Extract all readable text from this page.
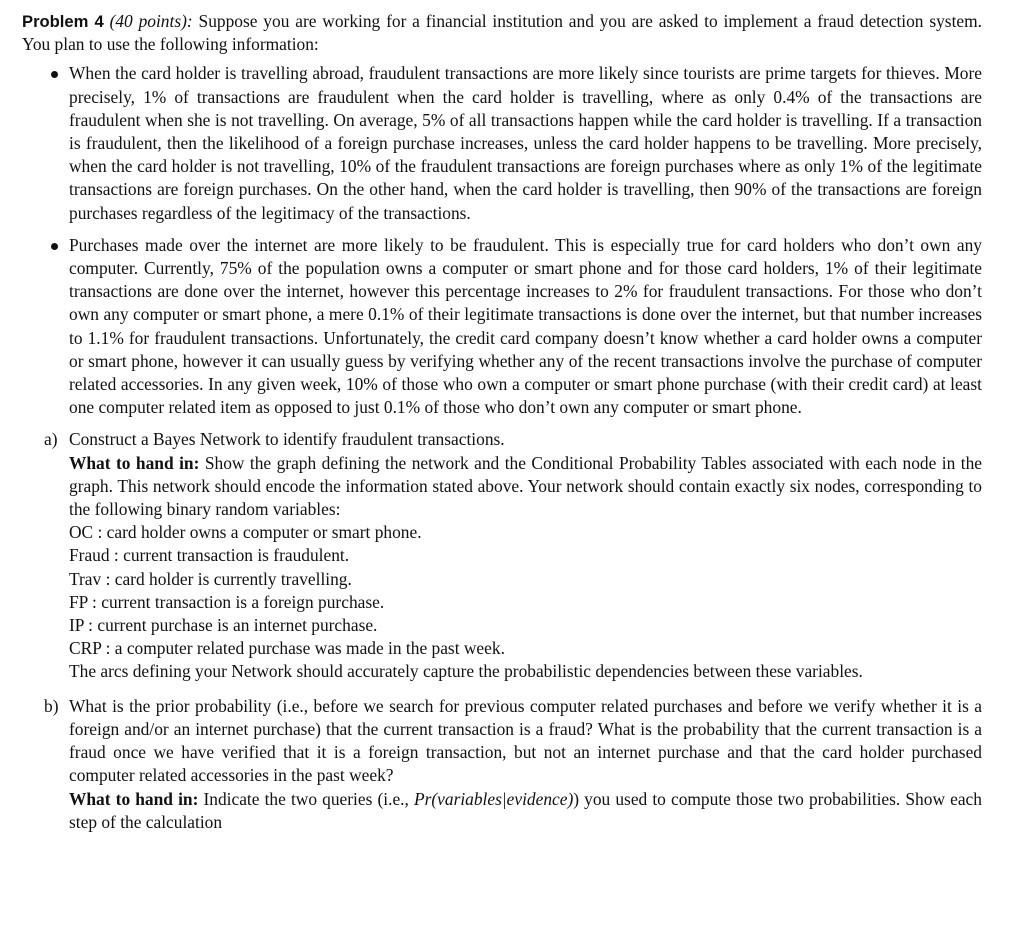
Problem 4 (40 points): Suppose you are working for a financial institution and you are asked to implement a fraud detection system. You plan to use the following information:

When the card holder is travelling abroad, fraudulent transactions are more likely since tourists are prime targets for thieves. More precisely, 1% of transactions are fraudulent when the card holder is travelling, where as only 0.4% of the transactions are fraudulent when she is not travelling. On average, 5% of all transactions happen while the card holder is travelling. If a transaction is fraudulent, then the likelihood of a foreign purchase increases, unless the card holder happens to be travelling. More precisely, when the card holder is not travelling, 10% of the fraudulent transactions are foreign purchases where as only 1% of the legitimate transactions are foreign purchases. On the other hand, when the card holder is travelling, then 90% of the transactions are foreign purchases regardless of the legitimacy of the transactions.

Purchases made over the internet are more likely to be fraudulent. This is especially true for card holders who don’t own any computer. Currently, 75% of the population owns a computer or smart phone and for those card holders, 1% of their legitimate transactions are done over the internet, however this percentage increases to 2% for fraudulent transactions. For those who don’t own any computer or smart phone, a mere 0.1% of their legitimate transactions is done over the internet, but that number increases to 1.1% for fraudulent transactions. Unfortunately, the credit card company doesn’t know whether a card holder owns a computer or smart phone, however it can usually guess by verifying whether any of the recent transactions involve the purchase of computer related accessories. In any given week, 10% of those who own a computer or smart phone purchase (with their credit card) at least one computer related item as opposed to just 0.1% of those who don’t own any computer or smart phone.

a) Construct a Bayes Network to identify fraudulent transactions.

What to hand in: Show the graph defining the network and the Conditional Probability Tables associated with each node in the graph. This network should encode the information stated above. Your network should contain exactly six nodes, corresponding to the following binary random variables:

OC : card holder owns a computer or smart phone.
Fraud : current transaction is fraudulent.
Trav : card holder is currently travelling.
FP : current transaction is a foreign purchase.
IP : current purchase is an internet purchase.
CRP : a computer related purchase was made in the past week.
The arcs defining your Network should accurately capture the probabilistic dependencies between these variables.
b) What is the prior probability (i.e., before we search for previous computer related purchases and before we verify whether it is a foreign and/or an internet purchase) that the current transaction is a fraud? What is the probability that the current transaction is a fraud once we have verified that it is a foreign transaction, but not an internet purchase and that the card holder purchased computer related accessories in the past week?

What to hand in: Indicate the two queries (i.e., Pr(variables|evidence)) you used to compute those two probabilities. Show each step of the calculation
